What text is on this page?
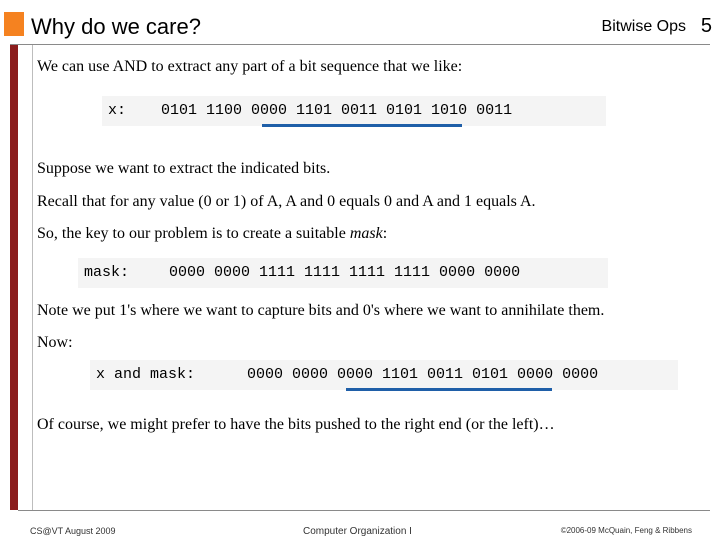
Why do we care?	Bitwise Ops 5
We can use AND to extract any part of a bit sequence that we like:
x: 0101 1100 0000 1101 0011 0101 1010 0011
Suppose we want to extract the indicated bits.
Recall that for any value (0 or 1) of A, A and 0 equals 0 and A and 1 equals A.
So, the key to our problem is to create a suitable mask:
mask:	0000 0000 1111 1111 1111 1111 0000 0000
Note we put 1's where we want to capture bits and 0's where we want to annihilate them.
Now:
x and mask:	0000 0000 0000 1101 0011 0101 0000 0000
Of course, we might prefer to have the bits pushed to the right end (or the left)…
CS@VT August 2009	Computer Organization I	©2006-09 McQuain, Feng & Ribbens
